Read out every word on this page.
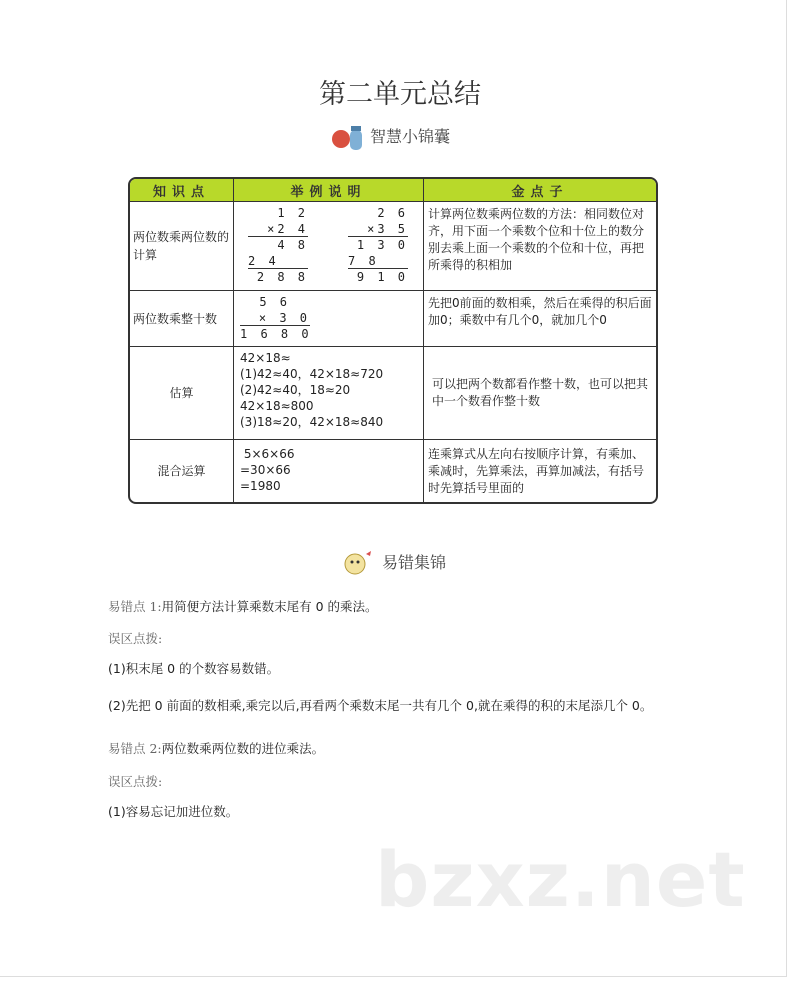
第二单元总结
智慧小锦囊
知识点	举例说明	金点子
两位数乘两位数的计算
1 2
×2 4
4 8
2 4
2 8 8
2 6
×3 5
1 3 0
7 8
9 1 0
计算两位数乘两位数的方法：相同数位对齐，用下面一个乘数个位和十位上的数分别去乘上面一个乘数的个位和十位，再把所乘得的积相加
两位数乘整十数
5 6
× 3 0
1 6 8 0
先把0前面的数相乘，然后在乘得的积后面加0；乘数中有几个0，就加几个0
估算
42×18≈
(1)42≈40，42×18≈720
(2)42≈40，18≈20
42×18≈800
(3)18≈20，42×18≈840
可以把两个数都看作整十数，也可以把其中一个数看作整十数
混合运算
5×6×66
=30×66
=1980
连乘算式从左向右按顺序计算，有乘加、乘减时，先算乘法，再算加减法，有括号时先算括号里面的
易错集锦

易错点 1:用简便方法计算乘数末尾有 0 的乘法。

误区点拨:

(1)积末尾 0 的个数容易数错。

(2)先把 0 前面的数相乘,乘完以后,再看两个乘数末尾一共有几个 0,就在乘得的积的末尾添几个 0。

易错点 2:两位数乘两位数的进位乘法。

误区点拨:

(1)容易忘记加进位数。

bzxz.net
